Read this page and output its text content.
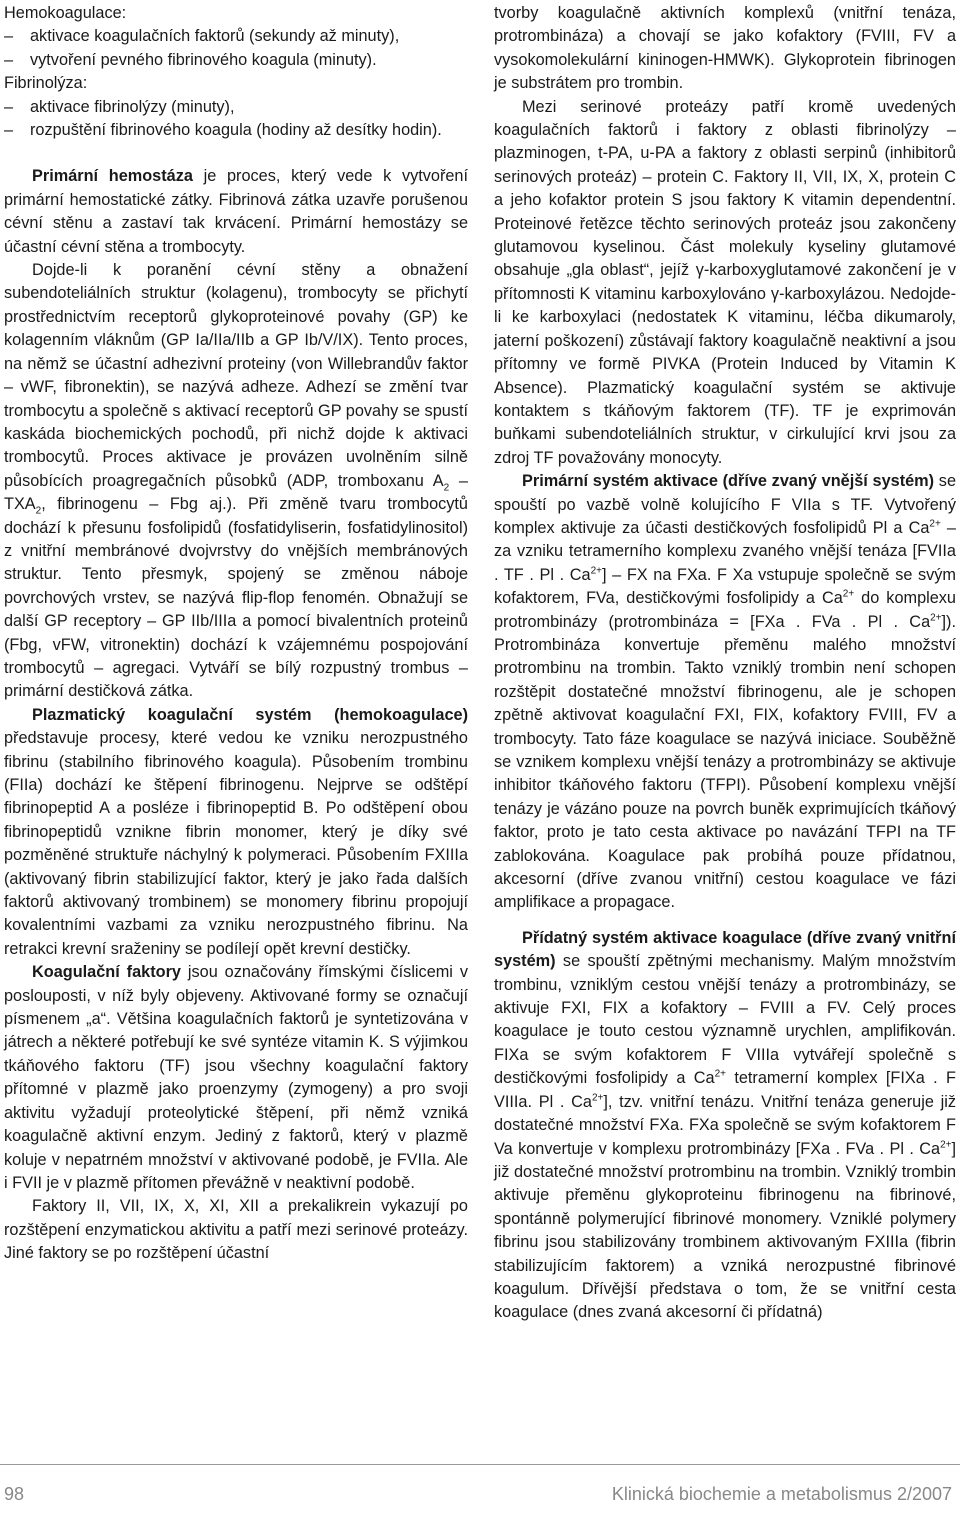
Hemokoagulace:

–	aktivace koagulačních faktorů (sekundy až minuty),
–	vytvoření pevného fibrinového koagula (minuty).

Fibrinolýza:

–	aktivace fibrinolýzy (minuty),
–	rozpuštění fibrinového koagula (hodiny až desítky hodin).

Primární hemostáza je proces, který vede k vytvoření primární hemostatické zátky. Fibrinová zátka uzavře porušenou cévní stěnu a zastaví tak krvácení. Primární hemostázy se účastní cévní stěna a trombocyty.

Dojde-li k poranění cévní stěny a obnažení subendoteliálních struktur (kolagenu), trombocyty se přichytí prostřednictvím receptorů glykoproteinové povahy (GP) ke kolagenním vláknům (GP Ia/IIa/IIb a GP Ib/V/IX). Tento proces, na němž se účastní adhezivní proteiny (von Willebrandův faktor – vWF, fibronektin), se nazývá adheze. Adhezí se změní tvar trombocytu a společně s aktivací receptorů GP povahy se spustí kaskáda biochemických pochodů, při nichž dojde k aktivaci trombocytů. Proces aktivace je provázen uvolněním silně působících proagregačních působků (ADP, tromboxanu $A_2 - TXA_2$, fibrinogenu – Fbg aj.). Při změně tvaru trombocytů dochází k přesunu fosfolipidů (fosfatidyliserin, fosfatidylinositol) z vnitřní membránové dvojvrstvy do vnějších membránových struktur. Tento přesmyk, spojený se změnou náboje povrchových vrstev, se nazývá flip-flop fenomén. Obnažují se další GP receptory – GP IIb/IIIa a pomocí bivalentních proteinů (Fbg, vFW, vitronektin) dochází k vzájemnému pospojování trombocytů – agregaci. Vytváří se bílý rozpustný trombus – primární destičková zátka.

Plazmatický koagulační systém (hemokoagulace) představuje procesy, které vedou ke vzniku nerozpustného fibrinu (stabilního fibrinového koagula). Působením trombinu (FIIa) dochází ke štěpení fibrinogenu. Nejprve se odštěpí fibrinopeptid A a posléze i fibrinopeptid B. Po odštěpení obou fibrinopeptidů vznikne fibrin monomer, který je díky své pozměněné struktuře náchylný k polymeraci. Působením FXIIIa (aktivovaný fibrin stabilizující faktor, který je jako řada dalších faktorů aktivovaný trombinem) se monomery fibrinu propojují kovalentními vazbami za vzniku nerozpustného fibrinu. Na retrakci krevní sraženiny se podílejí opět krevní destičky.

Koagulační faktory jsou označovány římskými číslicemi v poslouposti, v níž byly objeveny. Aktivované formy se označují písmenem „a“. Většina koagulačních faktorů je syntetizována v játrech a některé potřebují ke své syntéze vitamin K. S výjimkou tkáňového faktoru (TF) jsou všechny koagulační faktory přítomné v plazmě jako proenzymy (zymogeny) a pro svoji aktivitu vyžadují proteolytické štěpení, při němž vzniká koagulačně aktivní enzym. Jediný z faktorů, který v plazmě koluje v nepatrném množství v aktivované podobě, je FVIIa. Ale i FVII je v plazmě přítomen převážně v neaktivní podobě.

Faktory II, VII, IX, X, XI, XII a prekalikrein vykazují po rozštěpení enzymatickou aktivitu a patří mezi serinové proteázy. Jiné faktory se po rozštěpení účastní

tvorby koagulačně aktivních komplexů (vnitřní tenáza, protrombináza) a chovají se jako kofaktory (FVIII, FV a vysokomolekulární kininogen-HMWK). Glykoprotein fibrinogen je substrátem pro trombin.

Mezi serinové proteázy patří kromě uvedených koagulačních faktorů i faktory z oblasti fibrinolýzy – plazminogen, t-PA, u-PA a faktory z oblasti serpinů (inhibitorů serinových proteáz) – protein C. Faktory II, VII, IX, X, protein C a jeho kofaktor protein S jsou faktory K vitamin dependentní. Proteinové řetězce těchto serinových proteáz jsou zakončeny glutamovou kyselinou. Část molekuly kyseliny glutamové obsahuje „gla oblast“, jejíž γ-karboxyglutamové zakončení je v přítomnosti K vitaminu karboxylováno γ-karboxylázou. Nedojde-li ke karboxylaci (nedostatek K vitaminu, léčba dikumaroly, jaterní poškození) zůstávají faktory koagulačně neaktivní a jsou přítomny ve formě PIVKA (Protein Induced by Vitamin K Absence). Plazmatický koagulační systém se aktivuje kontaktem s tkáňovým faktorem (TF). TF je exprimován buňkami subendoteliálních struktur, v cirkulující krvi jsou za zdroj TF považovány monocyty.

Primární systém aktivace (dříve zvaný vnější systém) se spouští po vazbě volně kolujícího F VIIa s TF. Vytvořený komplex aktivuje za účasti destičkových fosfolipidů Pl a $Ca^{2+}$ – za vzniku tetramerního komplexu zvaného vnější tenáza [FVIIa . TF . Pl . $Ca^{2+}$] – FX na FXa. F Xa vstupuje společně se svým kofaktorem, FVa, destičkovými fosfolipidy a $Ca^{2+}$ do komplexu protrombinázy (protrombináza = [FXa . FVa . Pl . $Ca^{2+}$]). Protrombináza konvertuje přeměnu malého množství protrombinu na trombin. Takto vzniklý trombin není schopen rozštěpit dostatečné množství fibrinogenu, ale je schopen zpětně aktivovat koagulační FXI, FIX, kofaktory FVIII, FV a trombocyty. Tato fáze koagulace se nazývá iniciace. Souběžně se vznikem komplexu vnější tenázy a protrombinázy se aktivuje inhibitor tkáňového faktoru (TFPI). Působení komplexu vnější tenázy je vázáno pouze na povrch buněk exprimujících tkáňový faktor, proto je tato cesta aktivace po navázání TFPI na TF zablokována. Koagulace pak probíhá pouze přídatnou, akcesorní (dříve zvanou vnitřní) cestou koagulace ve fázi amplifikace a propagace.

Přídatný systém aktivace koagulace (dříve zvaný vnitřní systém) se spouští zpětnými mechanismy. Malým množstvím trombinu, vzniklým cestou vnější tenázy a protrombinázy, se aktivuje FXI, FIX a kofaktory – FVIII a FV. Celý proces koagulace je touto cestou významně urychlen, amplifikován. FIXa se svým kofaktorem F VIIIa vytvářejí společně s destičkovými fosfolipidy a $Ca^{2+}$ tetramerní komplex [FIXa . F VIIIa. Pl . $Ca^{2+}$], tzv. vnitřní tenázu. Vnitřní tenáza generuje již dostatečné množství FXa. FXa společně se svým kofaktorem F Va konvertuje v komplexu protrombinázy [FXa . FVa . Pl . $Ca^{2+}$] již dostatečné množství protrombinu na trombin. Vzniklý trombin aktivuje přeměnu glykoproteinu fibrinogenu na fibrinové, spontánně polymerující fibrinové monomery. Vzniklé polymery fibrinu jsou stabilizovány trombinem aktivovaným FXIIIa (fibrin stabilizujícím faktorem) a vzniká nerozpustné fibrinové koagulum. Dřívější představa o tom, že se vnitřní cesta koagulace (dnes zvaná akcesorní či přídatná)

98	Klinická biochemie a metabolismus 2/2007
